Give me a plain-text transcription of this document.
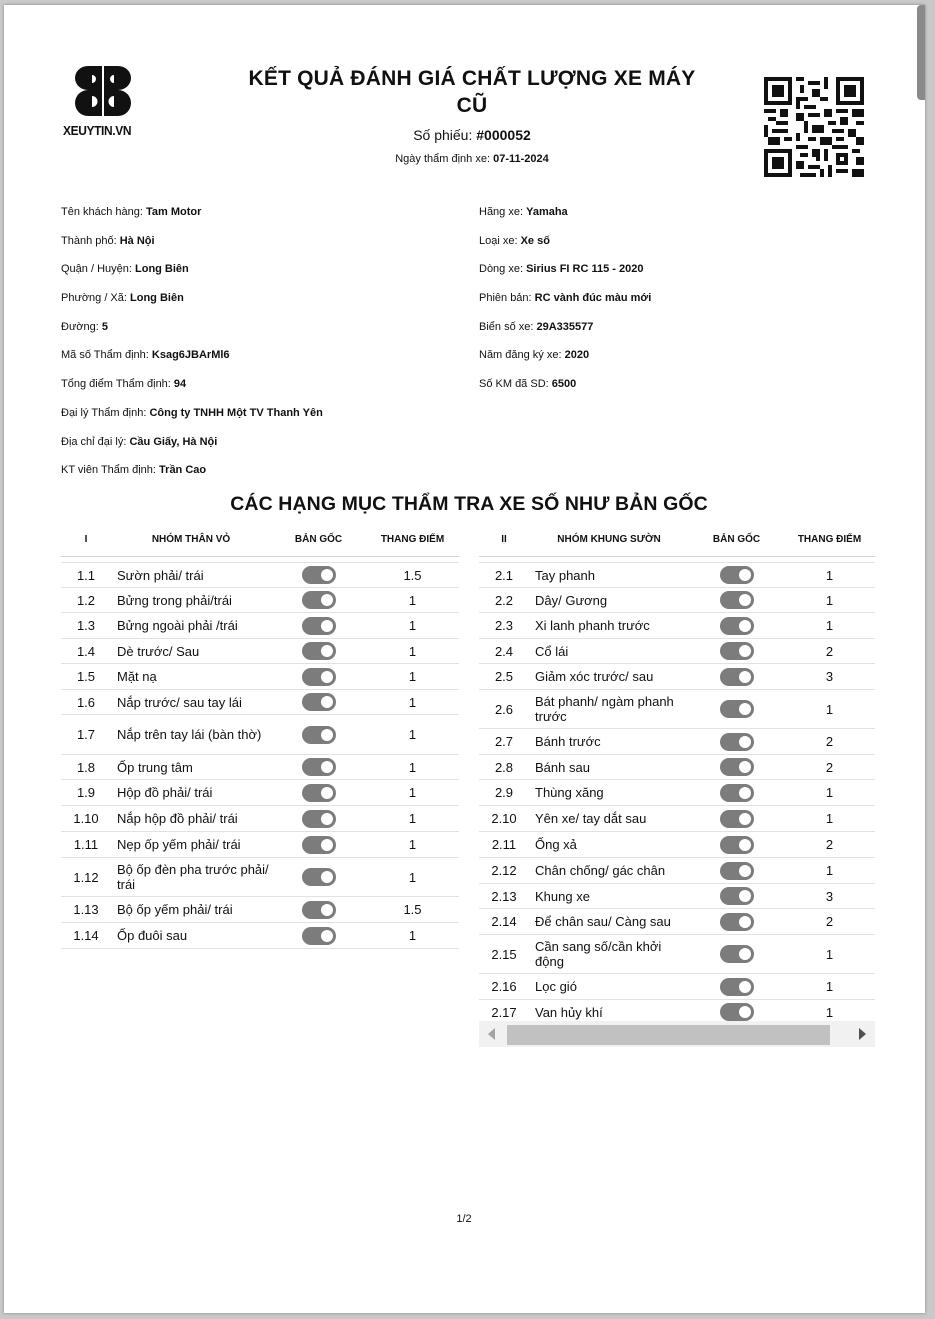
XEUYTIN.VN
KẾT QUẢ ĐÁNH GIÁ CHẤT LƯỢNG XE MÁY CŨ
Số phiếu: #000052
Ngày thẩm định xe: 07-11-2024
Tên khách hàng: Tam Motor
Thành phố: Hà Nội
Quận / Huyện: Long Biên
Phường / Xã: Long Biên
Đường: 5
Mã số Thẩm định: Ksag6JBArMl6
Tổng điểm Thẩm định: 94
Đại lý Thẩm định: Công ty TNHH Một TV Thanh Yên
Địa chỉ đại lý: Cầu Giấy, Hà Nội
KT viên Thẩm định: Trần Cao
Hãng xe: Yamaha
Loại xe: Xe số
Dòng xe: Sirius FI RC 115 - 2020
Phiên bản: RC vành đúc màu mới
Biển số xe: 29A335577
Năm đăng ký xe: 2020
Số KM đã SD: 6500
CÁC HẠNG MỤC THẨM TRA XE SỐ NHƯ BẢN GỐC
I	NHÓM THÂN VỎ	BẢN GỐC	THANG ĐIỂM

1.1	Sườn phải/ trái		1.5
1.2	Bửng trong phải/trái		1
1.3	Bửng ngoài phải /trái		1
1.4	Dè trước/ Sau		1
1.5	Mặt nạ		1
1.6	Nắp trước/ sau tay lái		1
1.7	Nắp trên tay lái (bàn thờ)		1
1.8	Ốp trung tâm		1
1.9	Hộp đồ phải/ trái		1
1.10	Nắp hộp đồ phải/ trái		1
1.11	Nẹp ốp yếm phải/ trái		1
1.12	Bộ ốp đèn pha trước phải/ trái		1
1.13	Bộ ốp yếm phải/ trái		1.5
1.14	Ốp đuôi sau		1
II	NHÓM KHUNG SƯỜN	BẢN GỐC	THANG ĐIỂM

2.1	Tay phanh		1
2.2	Dây/ Gương		1
2.3	Xi lanh phanh trước		1
2.4	Cổ lái		2
2.5	Giảm xóc trước/ sau		3
2.6	Bát phanh/ ngàm phanh trước		1
2.7	Bánh trước		2
2.8	Bánh sau		2
2.9	Thùng xăng		1
2.10	Yên xe/ tay dắt sau		1
2.11	Ống xả		2
2.12	Chân chống/ gác chân		1
2.13	Khung xe		3
2.14	Để chân sau/ Càng sau		2
2.15	Cần sang số/cần khởi động		1
2.16	Lọc gió		1
2.17	Van hủy khí		1
1/2
